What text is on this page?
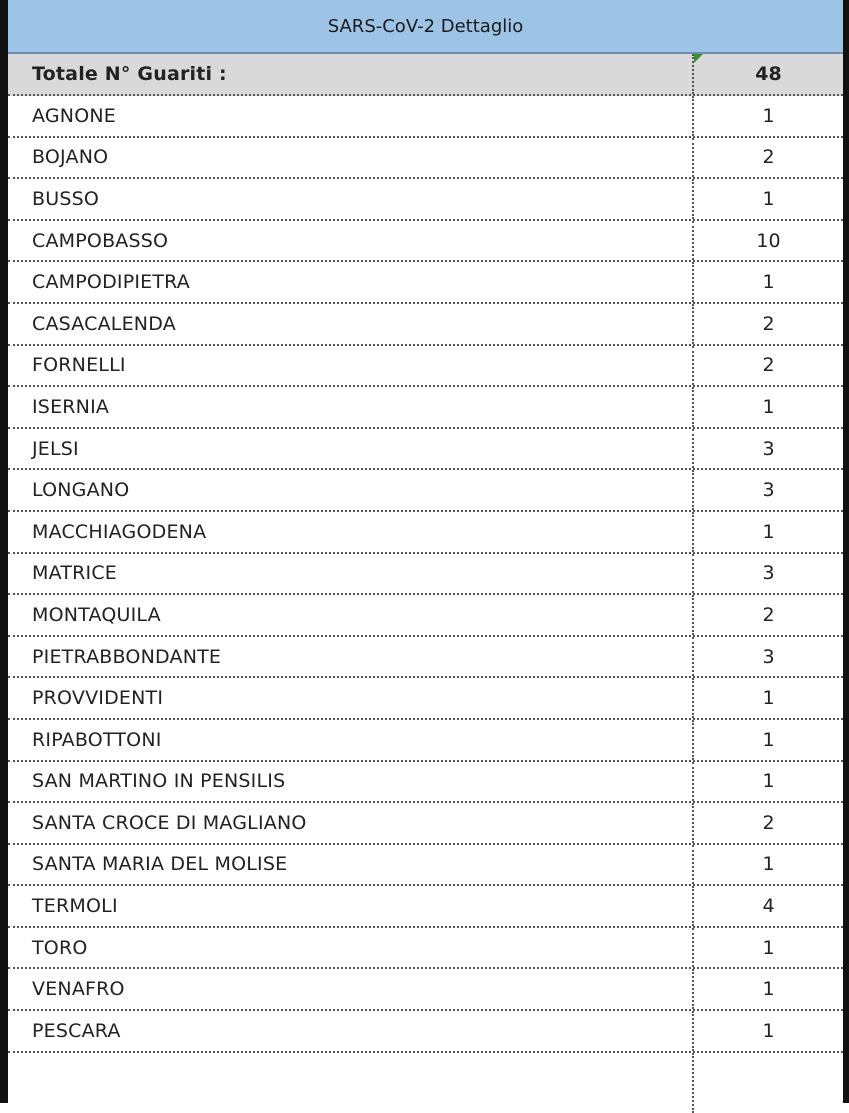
SARS-CoV-2 Dettaglio
Totale N° Guariti :	48
AGNONE	1
BOJANO	2
BUSSO	1
CAMPOBASSO	10
CAMPODIPIETRA	1
CASACALENDA	2
FORNELLI	2
ISERNIA	1
JELSI	3
LONGANO	3
MACCHIAGODENA	1
MATRICE	3
MONTAQUILA	2
PIETRABBONDANTE	3
PROVVIDENTI	1
RIPABOTTONI	1
SAN MARTINO IN PENSILIS	1
SANTA CROCE DI MAGLIANO	2
SANTA MARIA DEL MOLISE	1
TERMOLI	4
TORO	1
VENAFRO	1
PESCARA	1
